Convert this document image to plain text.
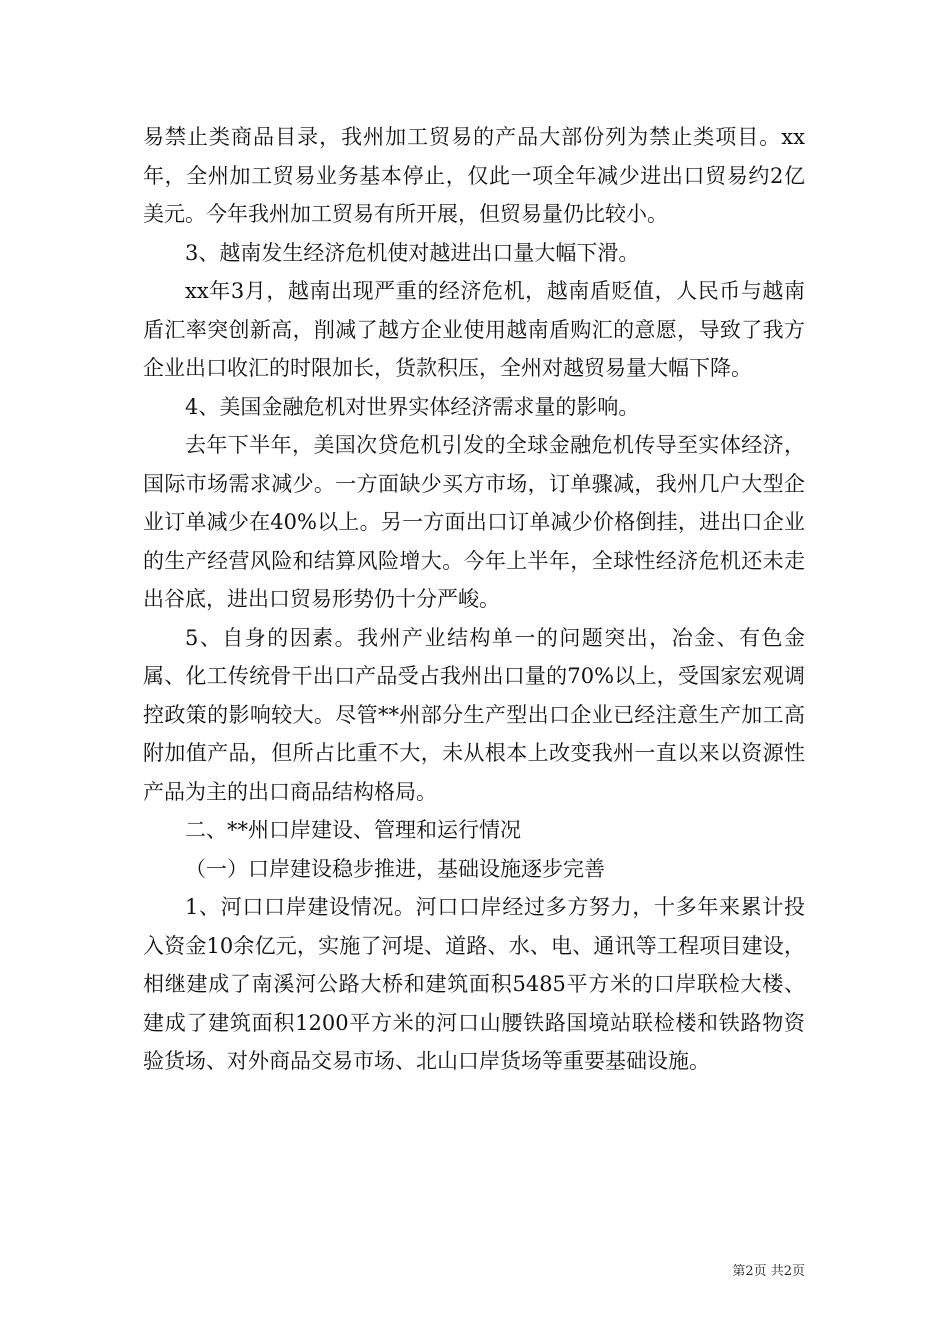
易禁止类商品目录，我州加工贸易的产品大部份列为禁止类项目。xx年，全州加工贸易业务基本停止，仅此一项全年减少进出口贸易约2亿美元。今年我州加工贸易有所开展，但贸易量仍比较小。

3、越南发生经济危机使对越进出口量大幅下滑。

xx年3月，越南出现严重的经济危机，越南盾贬值，人民币与越南盾汇率突创新高，削减了越方企业使用越南盾购汇的意愿，导致了我方企业出口收汇的时限加长，货款积压，全州对越贸易量大幅下降。

4、美国金融危机对世界实体经济需求量的影响。

去年下半年，美国次贷危机引发的全球金融危机传导至实体经济，国际市场需求减少。一方面缺少买方市场，订单骤减，我州几户大型企业订单减少在40%以上。另一方面出口订单减少价格倒挂，进出口企业的生产经营风险和结算风险增大。今年上半年，全球性经济危机还未走出谷底，进出口贸易形势仍十分严峻。

5、自身的因素。我州产业结构单一的问题突出，冶金、有色金属、化工传统骨干出口产品受占我州出口量的70%以上，受国家宏观调控政策的影响较大。尽管**州部分生产型出口企业已经注意生产加工高附加值产品，但所占比重不大，未从根本上改变我州一直以来以资源性产品为主的出口商品结构格局。

二、**州口岸建设、管理和运行情况

（一）口岸建设稳步推进，基础设施逐步完善

1、河口口岸建设情况。河口口岸经过多方努力，十多年来累计投入资金10余亿元，实施了河堤、道路、水、电、通讯等工程项目建设，相继建成了南溪河公路大桥和建筑面积5485平方米的口岸联检大楼、建成了建筑面积1200平方米的河口山腰铁路国境站联检楼和铁路物资验货场、对外商品交易市场、北山口岸货场等重要基础设施。

第2页 共2页
